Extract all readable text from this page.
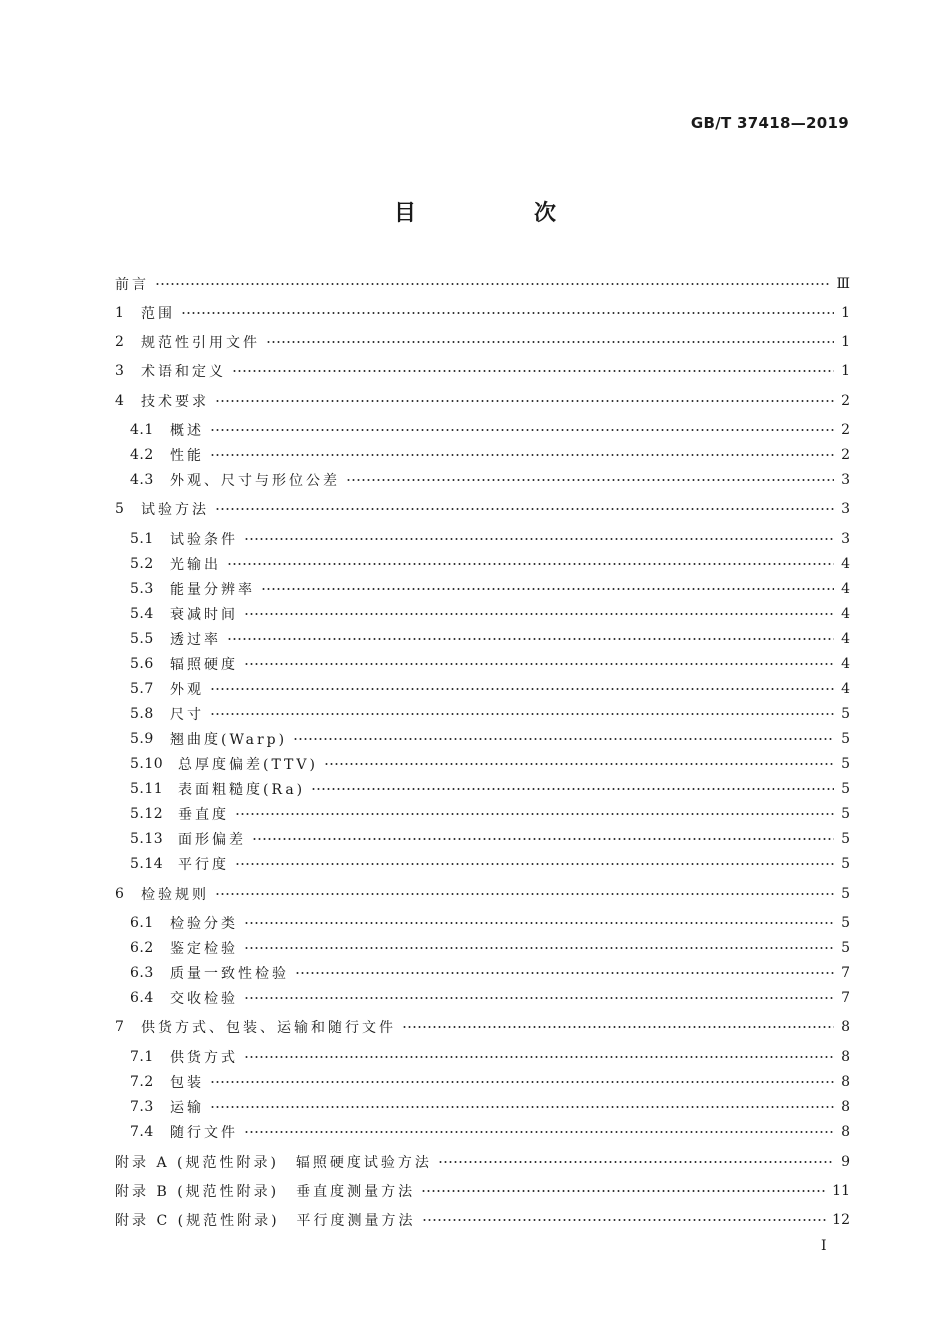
GB/T 37418—2019
目　次
前言	Ⅲ
1	范围	1
2	规范性引用文件	1
3	术语和定义	1
4	技术要求	2
4.1	概述	2
4.2	性能	2
4.3	外观、尺寸与形位公差	3
5	试验方法	3
5.1	试验条件	3
5.2	光输出	4
5.3	能量分辨率	4
5.4	衰减时间	4
5.5	透过率	4
5.6	辐照硬度	4
5.7	外观	4
5.8	尺寸	5
5.9	翘曲度(Warp)	5
5.10	总厚度偏差(TTV)	5
5.11	表面粗糙度(Ra)	5
5.12	垂直度	5
5.13	面形偏差	5
5.14	平行度	5
6	检验规则	5
6.1	检验分类	5
6.2	鉴定检验	5
6.3	质量一致性检验	7
6.4	交收检验	7
7	供货方式、包装、运输和随行文件	8
7.1	供货方式	8
7.2	包装	8
7.3	运输	8
7.4	随行文件	8
附录 A (规范性附录)　辐照硬度试验方法	9
附录 B (规范性附录)　垂直度测量方法	11
附录 C (规范性附录)　平行度测量方法	12
I
